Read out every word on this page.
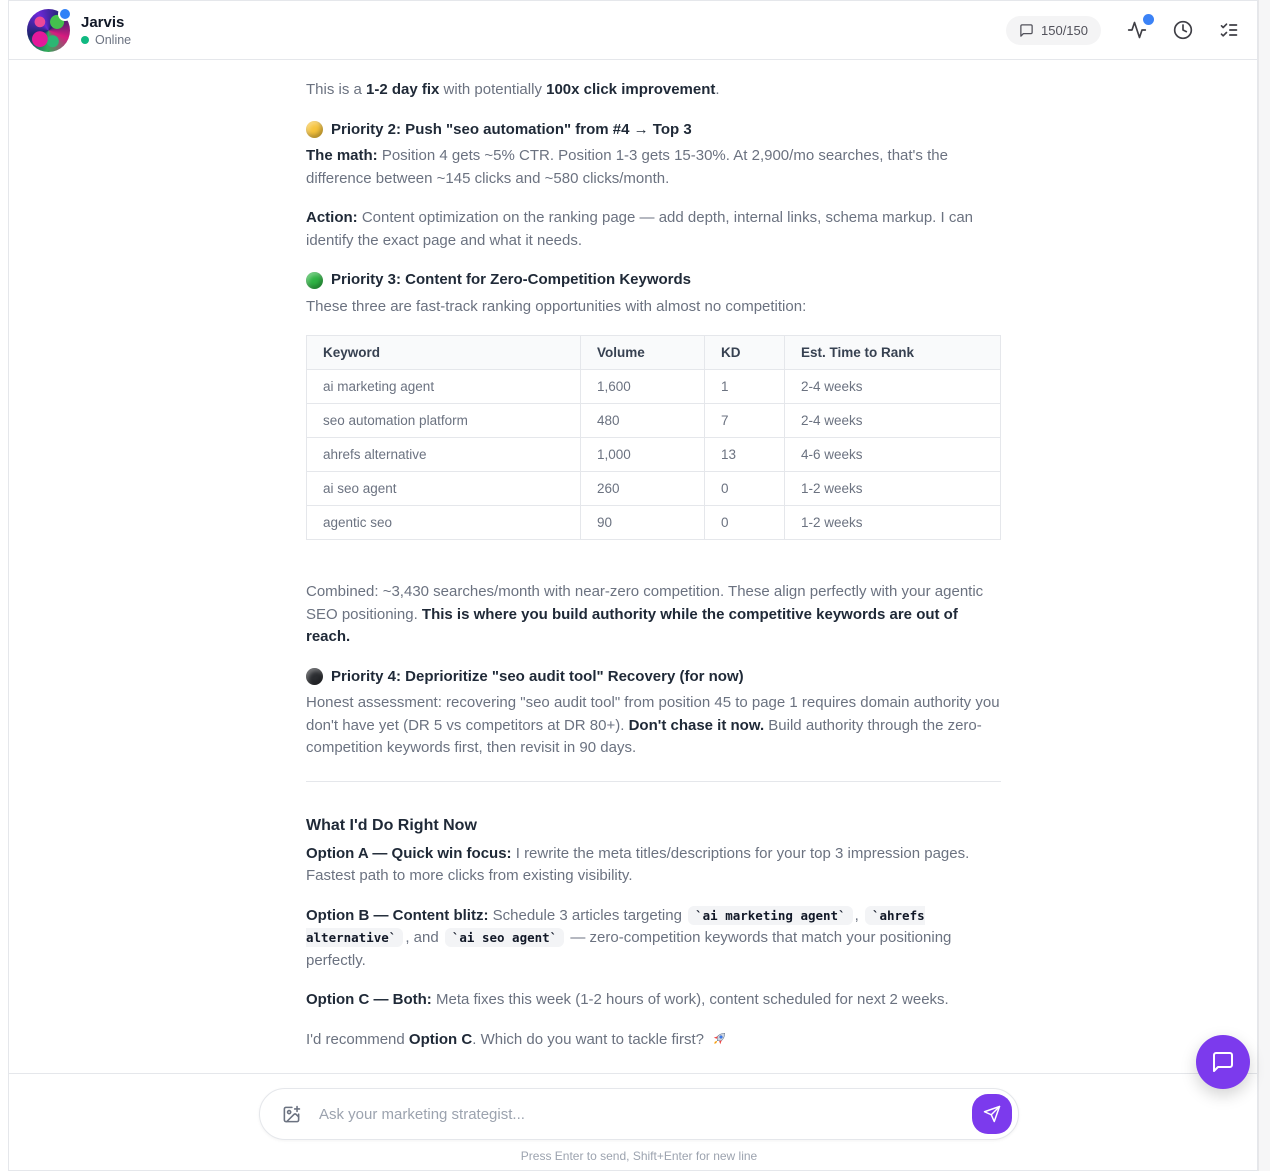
Jarvis
Online
150/150

This is a 1-2 day fix with potentially 100x click improvement.

Priority 2: Push "seo automation" from #4 → Top 3

The math: Position 4 gets ~5% CTR. Position 1-3 gets 15-30%. At 2,900/mo searches, that's the difference between ~145 clicks and ~580 clicks/month.

Action: Content optimization on the ranking page — add depth, internal links, schema markup. I can identify the exact page and what it needs.

Priority 3: Content for Zero-Competition Keywords

These three are fast-track ranking opportunities with almost no competition:

Keyword	Volume	KD	Est. Time to Rank
ai marketing agent	1,600	1	2-4 weeks
seo automation platform	480	7	2-4 weeks
ahrefs alternative	1,000	13	4-6 weeks
ai seo agent	260	0	1-2 weeks
agentic seo	90	0	1-2 weeks

Combined: ~3,430 searches/month with near-zero competition. These align perfectly with your agentic SEO positioning. This is where you build authority while the competitive keywords are out of reach.

Priority 4: Deprioritize "seo audit tool" Recovery (for now)

Honest assessment: recovering "seo audit tool" from position 45 to page 1 requires domain authority you don't have yet (DR 5 vs competitors at DR 80+). Don't chase it now. Build authority through the zero-competition keywords first, then revisit in 90 days.

What I'd Do Right Now

Option A — Quick win focus: I rewrite the meta titles/descriptions for your top 3 impression pages. Fastest path to more clicks from existing visibility.

Option B — Content blitz: Schedule 3 articles targeting `ai marketing agent` , `ahrefs alternative` , and `ai seo agent` — zero-competition keywords that match your positioning perfectly.

Option C — Both: Meta fixes this week (1-2 hours of work), content scheduled for next 2 weeks.

I'd recommend Option C. Which do you want to tackle first?

Ask your marketing strategist...
Press Enter to send, Shift+Enter for new line
